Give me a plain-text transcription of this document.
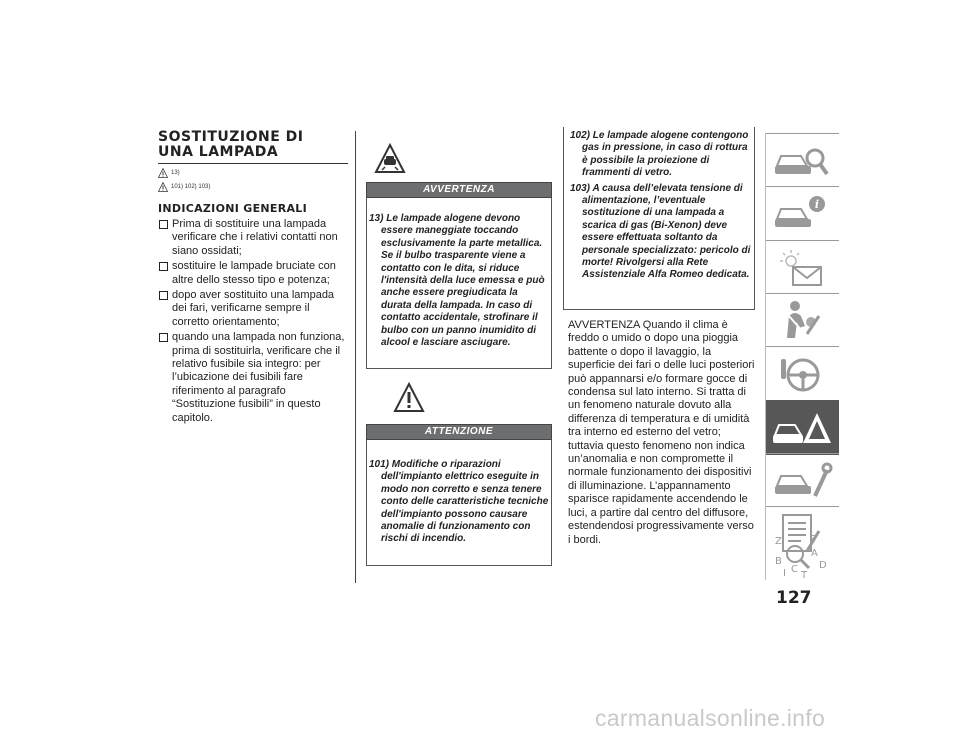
SOSTITUZIONE DI
UNA LAMPADA
13)
101) 102) 103)
INDICAZIONI GENERALI
Prima di sostituire una lampada verificare che i relativi contatti non siano ossidati;
sostituire le lampade bruciate con altre dello stesso tipo e potenza;
dopo aver sostituito una lampada dei fari, verificarne sempre il corretto orientamento;
quando una lampada non funziona, prima di sostituirla, verificare che il relativo fusibile sia integro: per l’ubicazione dei fusibili fare riferimento al paragrafo “Sostituzione fusibili” in questo capitolo.
AVVERTENZA
13) Le lampade alogene devono essere maneggiate toccando esclusivamente la parte metallica. Se il bulbo trasparente viene a contatto con le dita, si riduce l'intensità della luce emessa e può anche essere pregiudicata la durata della lampada. In caso di contatto accidentale, strofinare il bulbo con un panno inumidito di alcool e lasciare asciugare.
ATTENZIONE
101) Modifiche o riparazioni dell'impianto elettrico eseguite in modo non corretto e senza tenere conto delle caratteristiche tecniche dell'impianto possono causare anomalie di funzionamento con rischi di incendio.
102) Le lampade alogene contengono gas in pressione, in caso di rottura è possibile la proiezione di frammenti di vetro.
103) A causa dell’elevata tensione di alimentazione, l’eventuale sostituzione di una lampada a scarica di gas (Bi-Xenon) deve essere effettuata soltanto da personale specializzato: pericolo di morte! Rivolgersi alla Rete Assistenziale Alfa Romeo dedicata.
AVVERTENZA Quando il clima è freddo o umido o dopo una pioggia battente o dopo il lavaggio, la superficie dei fari o delle luci posteriori può appannarsi e/o formare gocce di condensa sul lato interno. Si tratta di un fenomeno naturale dovuto alla differenza di temperatura e di umidità tra interno ed esterno del vetro; tuttavia questo fenomeno non indica un’anomalia e non compromette il normale funzionamento dei dispositivi di illuminazione. L’appannamento sparisce rapidamente accendendo le luci, a partire dal centro del diffusore, estendendosi progressivamente verso i bordi.
i
Z	E
B
A
D
C
T
I
127
carmanualsonline.info
